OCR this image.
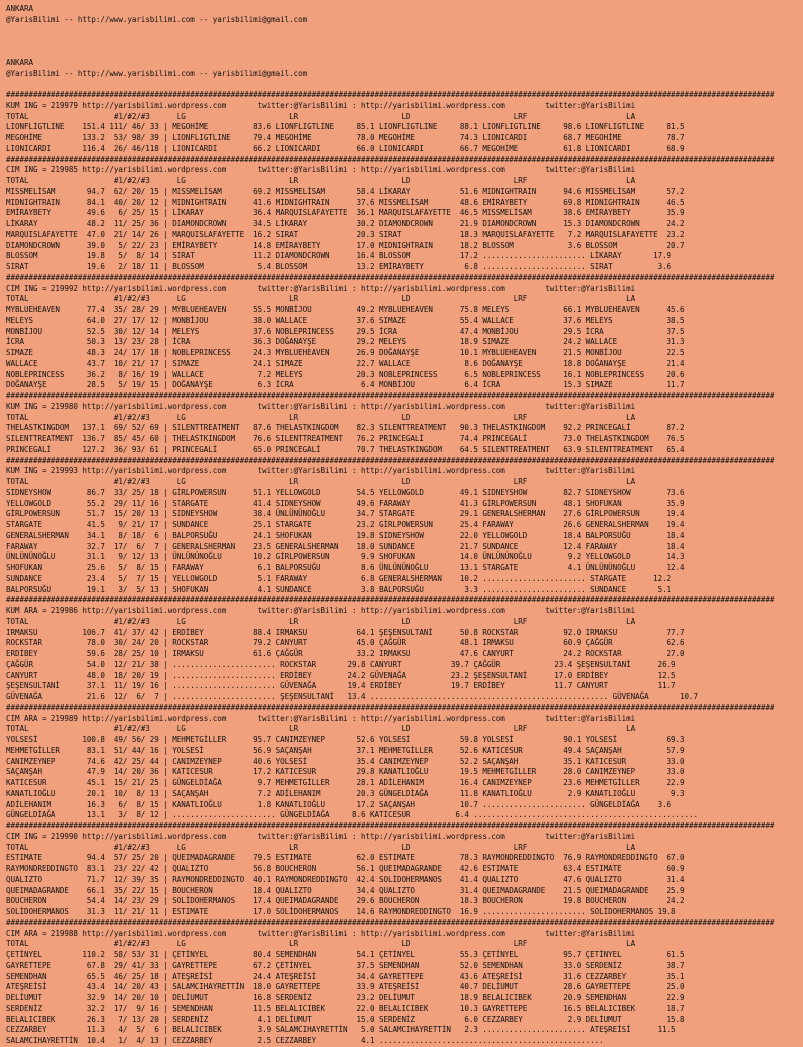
ANKARA
@YarisBilimi -- http://www.yarisbilimi.com -- yarisbilimi@gmail.com

ANKARA
@YarisBilimi -- http://www.yarisbilimi.com -- yarisbilimi@gmail.com

###########################################################################################################################################################################
KUM ING = 219979 http://yarisbilimi.wordpress.com       twitter:@YarisBilimi : http://yarisbilimi.wordpress.com         twitter:@YarisBilimi
TOTAL                   #1/#2/#3      LG                       LR                       LD                       LRF                      LA
LIONFLIGTLINE    151.4 111/ 46/ 33 | MEGOHİME          83.6 LIONFLIGTLINE     85.1 LIONFLIGTLINE     88.1 LIONFLIGTLINE     98.6 LIONFLIGTLINE     81.5
MEGOHİME         133.2  53/ 98/ 39 | LIONFLIGTLINE     79.4 MEGOHİME          78.0 MEGOHİME          74.3 LIONICARDI        68.7 MEGOHİME          78.7
LIONICARDI       116.4  26/ 46/118 | LIONICARDI        66.2 LIONICARDI        66.0 LIONICARDI        66.7 MEGOHİME          61.8 LIONICARDI        68.9
###########################################################################################################################################################################
CIM ING = 219985 http://yarisbilimi.wordpress.com       twitter:@YarisBilimi : http://yarisbilimi.wordpress.com         twitter:@YarisBilimi
TOTAL                   #1/#2/#3      LG                       LR                       LD                       LRF                      LA
MISSMELİSAM       94.7  62/ 20/ 15 | MISSMELİSAM       69.2 MISSMELİSAM       58.4 LİKARAY           51.6 MIDNIGHTRAIN      94.6 MISSMELİSAM       57.2
MIDNIGHTRAIN      84.1  40/ 20/ 12 | MIDNIGHTRAIN      41.6 MIDNIGHTRAIN      37.6 MISSMELİSAM       48.6 EMİRAYBETY        69.8 MIDNIGHTRAIN      46.5
EMİRAYBETY        49.6   6/ 25/ 15 | LİKARAY           36.4 MARQUISLAFAYETTE  36.1 MARQUISLAFAYETTE  46.5 MISSMELİSAM       38.6 EMİRAYBETY        35.9
LİKARAY           48.2  11/ 25/ 36 | DIAMONDCROWN      34.5 LİKARAY           30.2 DIAMONDCROWN      21.9 DIAMONDCROWN      15.3 DIAMONDCROWN      24.2
MARQUISLAFAYETTE  47.0  21/ 14/ 26 | MARQUISLAFAYETTE  16.2 SIRAT             20.3 SIRAT             18.3 MARQUISLAFAYETTE   7.2 MARQUISLAFAYETTE  23.2
DIAMONDCROWN      39.0   5/ 22/ 23 | EMİRAYBETY        14.8 EMİRAYBETY        17.0 MIDNIGHTRAIN      18.2 BLOSSOM            3.6 BLOSSOM           20.7
BLOSSOM           19.8   5/  8/ 14 | SIRAT             11.2 DIAMONDCROWN      16.4 BLOSSOM           17.2 ....................... LİKARAY       17.9
SIRAT             19.6   2/ 18/ 11 | BLOSSOM            5.4 BLOSSOM           13.2 EMİRAYBETY         6.8 ....................... SIRAT          3.6
###########################################################################################################################################################################
CIM ING = 219992 http://yarisbilimi.wordpress.com       twitter:@YarisBilimi : http://yarisbilimi.wordpress.com         twitter:@YarisBilimi
TOTAL                   #1/#2/#3      LG                       LR                       LD                       LRF                      LA
MYBLUEHEAVEN      77.4  35/ 28/ 29 | MYBLUEHEAVEN      55.5 MONBİJOU          49.2 MYBLUEHEAVEN      75.8 MELEYS            66.1 MYBLUEHEAVEN      45.6
MELEYS            64.0  27/ 17/ 12 | MONBİJOU          38.0 WALLACE           37.6 SIMAZE            55.4 WALLACE           37.6 MELEYS            38.5
MONBİJOU          52.5  30/ 12/ 14 | MELEYS            37.6 NOBLEPRINCESS     29.5 İCRA              47.4 MONBİJOU          29.5 İCRA              37.5
İCRA              50.3  13/ 23/ 28 | İCRA              36.3 DOĞANAYŞE         29.2 MELEYS            18.9 SIMAZE            24.2 WALLACE           31.3
SIMAZE            48.3  24/ 17/ 18 | NOBLEPRINCESS     24.3 MYBLUEHEAVEN      26.9 DOĞANAYŞE         10.1 MYBLUEHEAVEN      21.5 MONBİJOU          22.5
WALLACE           43.7  10/ 21/ 17 | SIMAZE            24.1 SIMAZE            22.7 WALLACE            8.6 DOĞANAYŞE         18.8 DOĞANAYŞE         21.4
NOBLEPRINCESS     36.2   8/ 16/ 19 | WALLACE            7.2 MELEYS            20.3 NOBLEPRINCESS      6.5 NOBLEPRINCESS     16.1 NOBLEPRINCESS     20.6
DOĞANAYŞE         28.5   5/ 19/ 15 | DOĞANAYŞE          6.3 İCRA               6.4 MONBİJOU           6.4 İCRA              15.3 SIMAZE            11.7
###########################################################################################################################################################################
KUM ING = 219980 http://yarisbilimi.wordpress.com       twitter:@YarisBilimi : http://yarisbilimi.wordpress.com         twitter:@YarisBilimi
TOTAL                   #1/#2/#3      LG                       LR                       LD                       LRF                      LA
THELASTKINGDOM   137.1  69/ 52/ 69 | SILENTTREATMENT   87.6 THELASTKINGDOM    82.3 SILENTTREATMENT   90.3 THELASTKINGDOM    92.2 PRINCEGALİ        87.2
SILENTTREATMENT  136.7  85/ 45/ 60 | THELASTKINGDOM    76.6 SILENTTREATMENT   76.2 PRINCEGALİ        74.4 PRINCEGALİ        73.0 THELASTKINGDOM    76.5
PRINCEGALİ       127.2  36/ 93/ 61 | PRINCEGALİ        65.0 PRINCEGALİ        70.7 THELASTKINGDOM    64.5 SILENTTREATMENT   63.9 SILENTTREATMENT   65.4
###########################################################################################################################################################################
KUM ING = 219993 http://yarisbilimi.wordpress.com       twitter:@YarisBilimi : http://yarisbilimi.wordpress.com         twitter:@YarisBilimi
TOTAL                   #1/#2/#3      LG                       LR                       LD                       LRF                      LA
SIDNEYSHOW        86.7  33/ 25/ 18 | GİRLPOWERSUN      51.1 YELLOWGOLD        54.5 YELLOWGOLD        49.1 SIDNEYSHOW        82.7 SIDNEYSHOW        73.6
YELLOWGOLD        55.2  29/ 11/ 16 | STARGATE          41.4 SIDNEYSHOW        49.6 FARAWAY           41.3 GİRLPOWERSUN      48.1 SHOFUKAN          35.9
GİRLPOWERSUN      51.7  15/ 20/ 13 | SIDNEYSHOW        38.4 ÜNLÜNÜNOĞLU       34.7 STARGATE          29.1 GENERALSHERMAN    27.6 GİRLPOWERSUN      19.4
STARGATE          41.5   9/ 21/ 17 | SUNDANCE          25.1 STARGATE          23.2 GİRLPOWERSUN      25.4 FARAWAY           26.6 GENERALSHERMAN    19.4
GENERALSHERMAN    34.1   8/ 18/  6 | BALPORSUĞU        24.1 SHOFUKAN          19.8 SIDNEYSHOW        22.0 YELLOWGOLD        18.4 BALPORSUĞU        18.4
FARAWAY           32.7  17/  6/  7 | GENERALSHERMAN    23.5 GENERALSHERMAN    18.0 SUNDANCE          21.7 SUNDANCE          12.4 FARAWAY           18.4
ÜNLÜNÜNOĞLU       31.1   9/ 12/ 13 | ÜNLÜNÜNOĞLU       10.2 GİRLPOWERSUN       9.9 SHOFUKAN          14.0 ÜNLÜNÜNOĞLU        9.2 YELLOWGOLD        14.3
SHOFUKAN          25.6   5/  8/ 15 | FARAWAY            6.1 BALPORSUĞU         8.6 ÜNLÜNÜNOĞLU       13.1 STARGATE           4.1 ÜNLÜNÜNOĞLU       12.4
SUNDANCE          23.4   5/  7/ 15 | YELLOWGOLD         5.1 FARAWAY            6.8 GENERALSHERMAN    10.2 ....................... STARGATE      12.2
BALPORSUĞU        19.1   3/  5/ 13 | SHOFUKAN           4.1 SUNDANCE           3.8 BALPORSUĞU         3.3 ....................... SUNDANCE       5.1
###########################################################################################################################################################################
KUM ARA = 219986 http://yarisbilimi.wordpress.com       twitter:@YarisBilimi : http://yarisbilimi.wordpress.com         twitter:@YarisBilimi
TOTAL                   #1/#2/#3      LG                       LR                       LD                       LRF                      LA
IRMAKSU          106.7  41/ 37/ 42 | ERDİBEY           88.4 IRMAKSU           64.1 ŞEŞENSULTANİ      50.8 ROCKSTAR          92.0 IRMAKSU           77.7
ROCKSTAR          78.0  30/ 24/ 20 | ROCKSTAR          79.2 CANYURT           45.0 ÇAĞGÜR            48.1 IRMAKSU           60.9 ÇAĞGÜR            62.6
ERDİBEY           59.6  28/ 25/ 10 | IRMAKSU           61.6 ÇAĞGÜR            33.2 IRMAKSU           47.6 CANYURT           24.2 ROCKSTAR          27.0
ÇAĞGÜR            54.0  12/ 21/ 38 | ....................... ROCKSTAR       29.8 CANYURT           39.7 ÇAĞGÜR            23.4 ŞEŞENSULTANİ      26.9
CANYURT           48.0  18/ 20/ 19 | ....................... ERDİBEY        24.2 GÜVENAĞA          23.2 ŞEŞENSULTANİ      17.0 ERDİBEY           12.5
ŞEŞENSULTANİ      37.1  11/ 19/ 16 | ....................... GÜVENAĞA       19.4 ERDİBEY           19.7 ERDİBEY           11.7 CANYURT           11.7
GÜVENAĞA          21.6  12/  6/  7 | ....................... ŞEŞENSULTANİ   13.4 ..................................................... GÜVENAĞA       10.7
###########################################################################################################################################################################
CIM ARA = 219989 http://yarisbilimi.wordpress.com       twitter:@YarisBilimi : http://yarisbilimi.wordpress.com         twitter:@YarisBilimi
TOTAL                   #1/#2/#3      LG                       LR                       LD                       LRF                      LA
YOLSESİ          100.8  49/ 56/ 29 | MEHMETGİLLER      95.7 CANIMZEYNEP       52.6 YOLSESİ           59.8 YOLSESİ           90.1 YOLSESİ           69.3
MEHMETGİLLER      83.1  51/ 44/ 16 | YOLSESİ           56.9 SAÇANŞAH          37.1 MEHMETGİLLER      52.6 KATICESUR         49.4 SAÇANŞAH          57.9
CANIMZEYNEP       74.6  42/ 25/ 44 | CANIMZEYNEP       40.6 YOLSESİ           35.4 CANIMZEYNEP       52.2 SAÇANŞAH          35.1 KATICESUR         33.0
SAÇANŞAH          47.9  14/ 20/ 36 | KATICESUR         17.2 KATICESUR         29.8 KANATLIOĞLU       19.5 MEHMETGİLLER      28.0 CANIMZEYNEP       33.0
KATICESUR         45.1  15/ 21/ 25 | GÜNGELDİAĞA        9.7 MEHMETGİLLER      28.1 ADİLEHANIM        16.4 CANIMZEYNEP       23.6 MEHMETGİLLER      22.9
KANATLIOĞLU       20.1  10/  8/ 13 | SAÇANŞAH           7.2 ADİLEHANIM        20.3 GÜNGELDİAĞA       11.8 KANATLIOĞLU        2.9 KANATLIOĞLU        9.3
ADİLEHANIM        16.3   6/  8/ 15 | KANATLIOĞLU        1.8 KANATLIOĞLU       17.2 SAÇANŞAH          10.7 ....................... GÜNGELDİAĞA    3.6
GÜNGELDİAĞA       13.1   3/  8/ 12 | ....................... GÜNGELDİAĞA     8.6 KATICESUR          6.4 ..................................................
###########################################################################################################################################################################
CIM ING = 219990 http://yarisbilimi.wordpress.com       twitter:@YarisBilimi : http://yarisbilimi.wordpress.com         twitter:@YarisBilimi
TOTAL                   #1/#2/#3      LG                       LR                       LD                       LRF                      LA
ESTIMATE          94.4  57/ 25/ 20 | QUEIMADAGRANDE    79.5 ESTIMATE          62.0 ESTIMATE          78.3 RAYMONDREDDINGTO  76.9 RAYMONDREDDINGTO  67.0
RAYMONDREDDINGTO  83.1  23/ 22/ 42 | QUALIZTO          56.8 BOUCHERON         56.1 QUEIMADAGRANDE    42.6 ESTIMATE          63.4 ESTIMATE          60.9
QUALIZTO          71.7  12/ 39/ 35 | RAYMONDREDDINGTO  40.1 RAYMONDREDDINGTO  42.4 SOLİDOHERMANOS    41.4 QUALIZTO          47.6 QUALIZTO          31.4
QUEIMADAGRANDE    66.1  35/ 22/ 15 | BOUCHERON         18.4 QUALIZTO          34.4 QUALIZTO          31.4 QUEIMADAGRANDE    21.5 QUEIMADAGRANDE    25.9
BOUCHERON         54.4  14/ 23/ 29 | SOLİDOHERMANOS    17.4 QUEIMADAGRANDE    29.6 BOUCHERON         18.3 BOUCHERON         19.8 BOUCHERON         24.2
SOLİDOHERMANOS    31.3  11/ 21/ 11 | ESTIMATE          17.0 SOLİDOHERMANOS    14.6 RAYMONDREDDINGTO  16.9 ....................... SOLİDOHERMANOS 19.8
###########################################################################################################################################################################
CIM ARA = 219988 http://yarisbilimi.wordpress.com       twitter:@YarisBilimi : http://yarisbilimi.wordpress.com         twitter:@YarisBilimi
TOTAL                   #1/#2/#3      LG                       LR                       LD                       LRF                      LA
ÇETİNYEL         110.2  58/ 53/ 31 | ÇETİNYEL          80.4 SEMENDHAN         54.1 ÇETİNYEL          55.3 ÇETİNYEL          95.7 ÇETİNYEL          61.5
GAYRETTEPE        67.8  29/ 41/ 33 | GAYRETTEPE        67.2 ÇETİNYEL          37.5 SEMENDHAN         52.0 SEMENDHAN         33.0 SERDENİZ          38.7
SEMENDHAN         65.5  46/ 25/ 18 | ATEŞREİSİ         24.4 ATEŞREİSİ         34.4 GAYRETTEPE        43.6 ATEŞREİSİ         31.6 CEZZARBEY         35.1
ATEŞREİSİ         43.4  14/ 20/ 43 | SALAMCIHAYRETTİN  18.0 GAYRETTEPE        33.9 ATEŞREİSİ         40.7 DELİUMUT          28.6 GAYRETTEPE        25.0
DELİUMUT          32.9  14/ 20/ 10 | DELİUMUT          16.8 SERDENİZ          23.2 DELİUMUT          18.9 BELALICIBEK       20.9 SEMENDHAN         22.9
SERDENİZ          32.2  17/  9/ 16 | SEMENDHAN         11.5 BELALICIBEK       22.0 BELALICIBEK       10.3 GAYRETTEPE        16.5 BELALICIBEK       18.7
BELALICIBEK       26.3   7/ 13/ 20 | SERDENİZ           4.1 DELİUMUT          15.0 SERDENİZ           6.0 CEZZARBEY          2.9 DELİUMUT          15.8
CEZZARBEY         11.3   4/  5/  6 | BELALICIBEK        3.9 SALAMCIHAYRETTİN   5.0 SALAMCIHAYRETTİN   2.3 ....................... ATEŞREİSİ      11.5
SALAMCIHAYRETTİN  10.4   1/  4/ 13 | CEZZARBEY          2.5 CEZZARBEY          4.1 ..................................................
